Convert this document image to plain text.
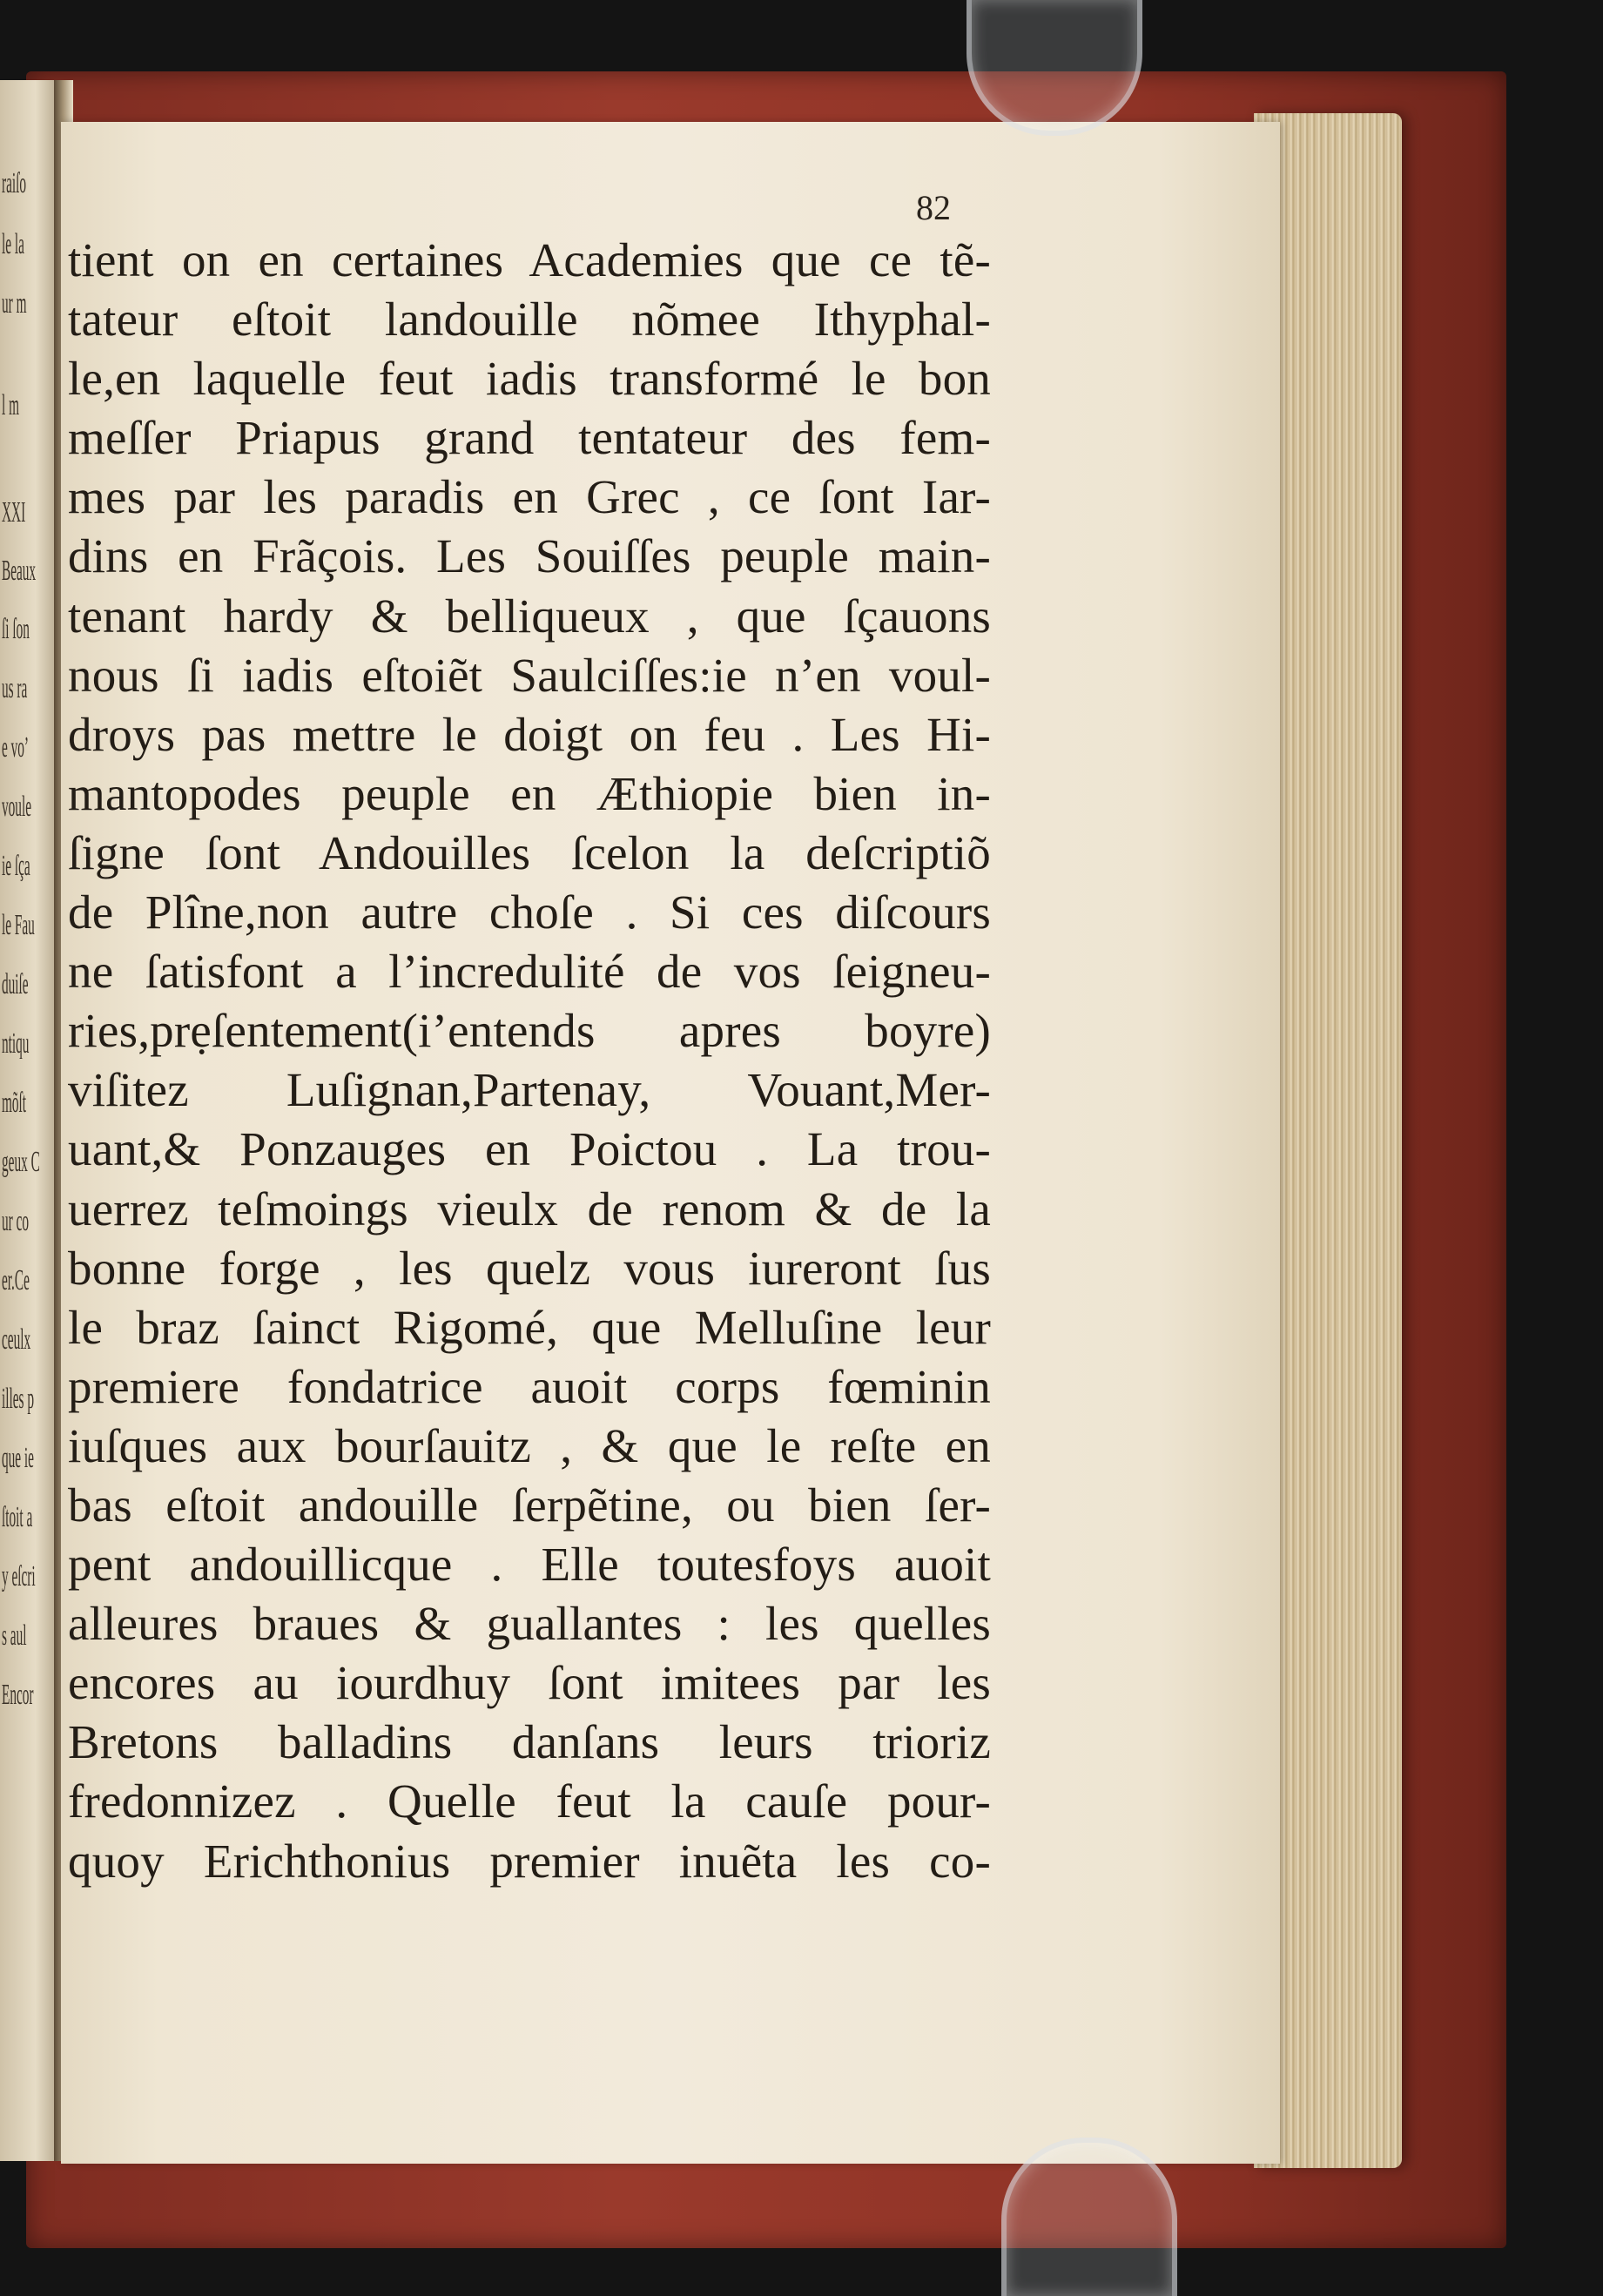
raiſo
le la
ur m
l m
XXI
Beaux
ſi ſon
us ra
e vo’
voule
ie ſça
le Fau
duiſe
ntiqu
mõſt
geux C
ur co
er.Ce
ceulx
illes p
que ie
ſtoit a
y eſcri
s aul
Encor
82
tient on en certaines Academies que ce tẽ-
tateur eſtoit landouille nõmee Ithyphal-
le,en laquelle feut iadis transformé le bon
meſſer Priapus grand tentateur des fem-
mes par les paradis en Grec , ce ſont Iar-
dins en Frãçois. Les Souiſſes peuple main-
tenant hardy & belliqueux , que ſçauons
nous ſi iadis eſtoiẽt Saulciſſes:ie n’en voul-
droys pas mettre le doigt on feu . Les Hi-
mantopodes peuple en Æthiopie bien in-
ſigne ſont Andouilles ſcelon la deſcriptiõ
de Plîne,non autre choſe . Si ces diſcours
ne ſatisfont a l’incredulité de vos ſeigneu-
ries,prẹſentement(i’entends apres boyre)
viſitez Luſignan,Partenay, Vouant,Mer-
uant,& Ponzauges en Poictou . La trou-
uerrez teſmoings vieulx de renom & de la
bonne forge , les quelz vous iureront ſus
le braz ſainct Rigomé, que Melluſine leur
premiere fondatrice auoit corps fœminin
iuſques aux bourſauitz , & que le reſte en
bas eſtoit andouille ſerpẽtine, ou bien ſer-
pent andouillicque . Elle toutesfoys auoit
alleures braues & guallantes : les quelles
encores au iourdhuy ſont imitees par les
Bretons balladins danſans leurs trioriz
fredonnizez . Quelle feut la cauſe pour-
quoy Erichthonius premier inuẽta les co-
